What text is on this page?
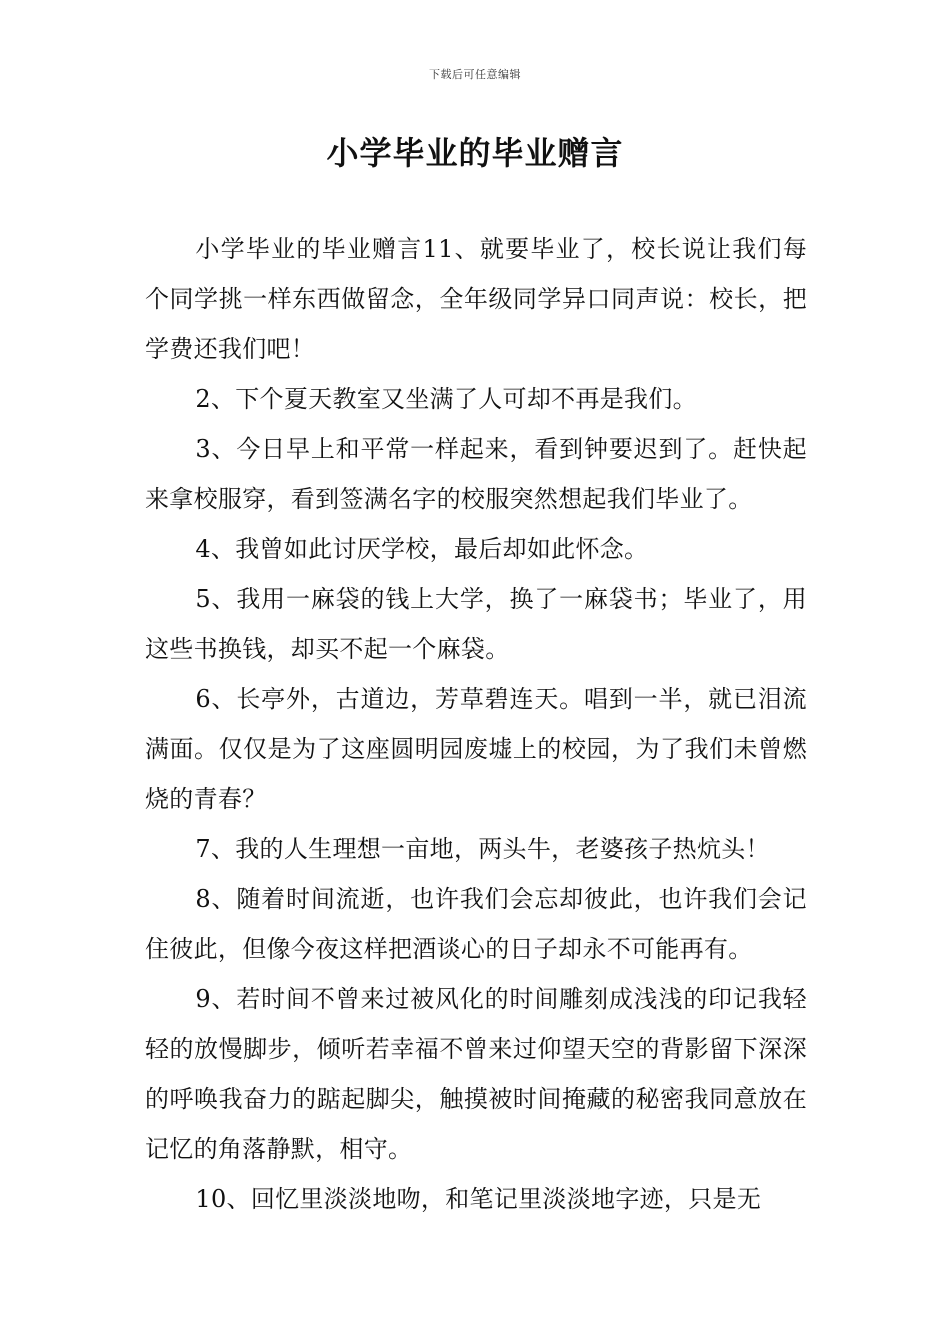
下载后可任意编辑
小学毕业的毕业赠言

小学毕业的毕业赠言11、就要毕业了，校长说让我们每个同学挑一样东西做留念，全年级同学异口同声说：校长，把学费还我们吧！

2、下个夏天教室又坐满了人可却不再是我们。

3、今日早上和平常一样起来，看到钟要迟到了。赶快起来拿校服穿，看到签满名字的校服突然想起我们毕业了。

4、我曾如此讨厌学校，最后却如此怀念。

5、我用一麻袋的钱上大学，换了一麻袋书；毕业了，用这些书换钱，却买不起一个麻袋。

6、长亭外，古道边，芳草碧连天。唱到一半，就已泪流满面。仅仅是为了这座圆明园废墟上的校园，为了我们未曾燃烧的青春？

7、我的人生理想一亩地，两头牛，老婆孩子热炕头！

8、随着时间流逝，也许我们会忘却彼此，也许我们会记住彼此，但像今夜这样把酒谈心的日子却永不可能再有。

9、若时间不曾来过被风化的时间雕刻成浅浅的印记我轻轻的放慢脚步，倾听若幸福不曾来过仰望天空的背影留下深深的呼唤我奋力的踮起脚尖，触摸被时间掩藏的秘密我同意放在记忆的角落静默，相守。

10、回忆里淡淡地吻，和笔记里淡淡地字迹，只是无
